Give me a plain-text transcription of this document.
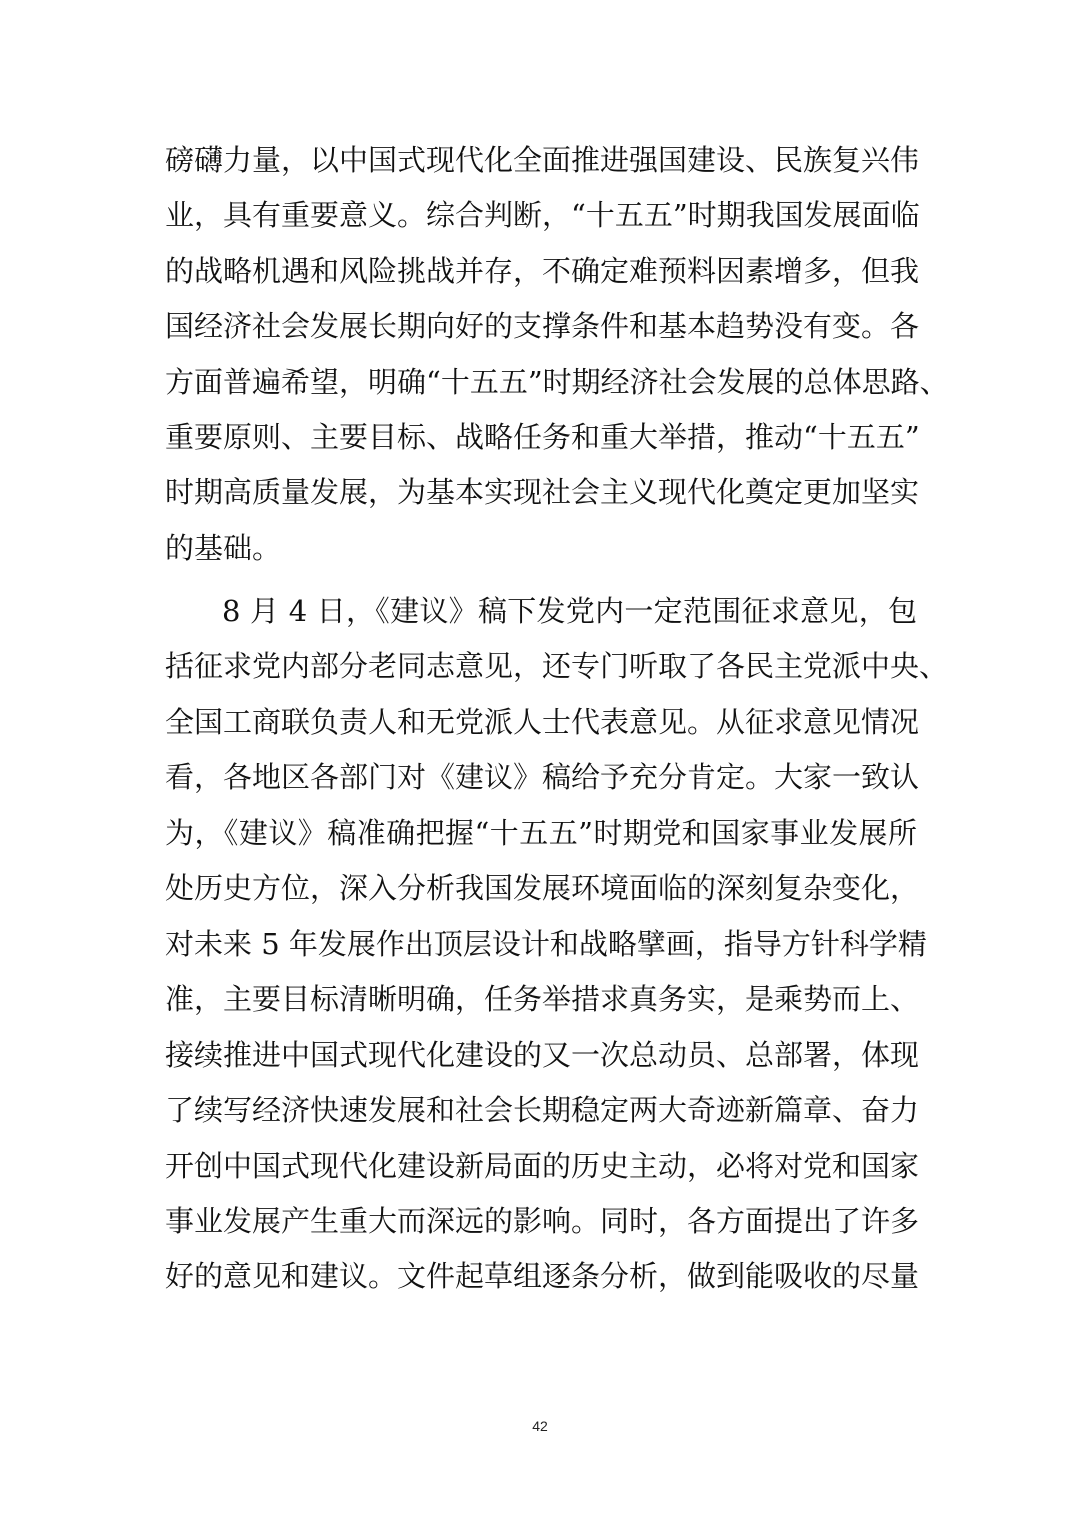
磅礴力量，以中国式现代化全面推进强国建设、民族复兴伟
业，具有重要意义。综合判断，“十五五”时期我国发展面临
的战略机遇和风险挑战并存，不确定难预料因素增多，但我
国经济社会发展长期向好的支撑条件和基本趋势没有变。各
方面普遍希望，明确“十五五”时期经济社会发展的总体思路、
重要原则、主要目标、战略任务和重大举措，推动“十五五”
时期高质量发展，为基本实现社会主义现代化奠定更加坚实
的基础。
8 月 4 日，《建议》稿下发党内一定范围征求意见，包
括征求党内部分老同志意见，还专门听取了各民主党派中央、
全国工商联负责人和无党派人士代表意见。从征求意见情况
看，各地区各部门对《建议》稿给予充分肯定。大家一致认
为，《建议》稿准确把握“十五五”时期党和国家事业发展所
处历史方位，深入分析我国发展环境面临的深刻复杂变化，
对未来 5 年发展作出顶层设计和战略擘画，指导方针科学精
准，主要目标清晰明确，任务举措求真务实，是乘势而上、
接续推进中国式现代化建设的又一次总动员、总部署，体现
了续写经济快速发展和社会长期稳定两大奇迹新篇章、奋力
开创中国式现代化建设新局面的历史主动，必将对党和国家
事业发展产生重大而深远的影响。同时，各方面提出了许多
好的意见和建议。文件起草组逐条分析，做到能吸收的尽量
42
